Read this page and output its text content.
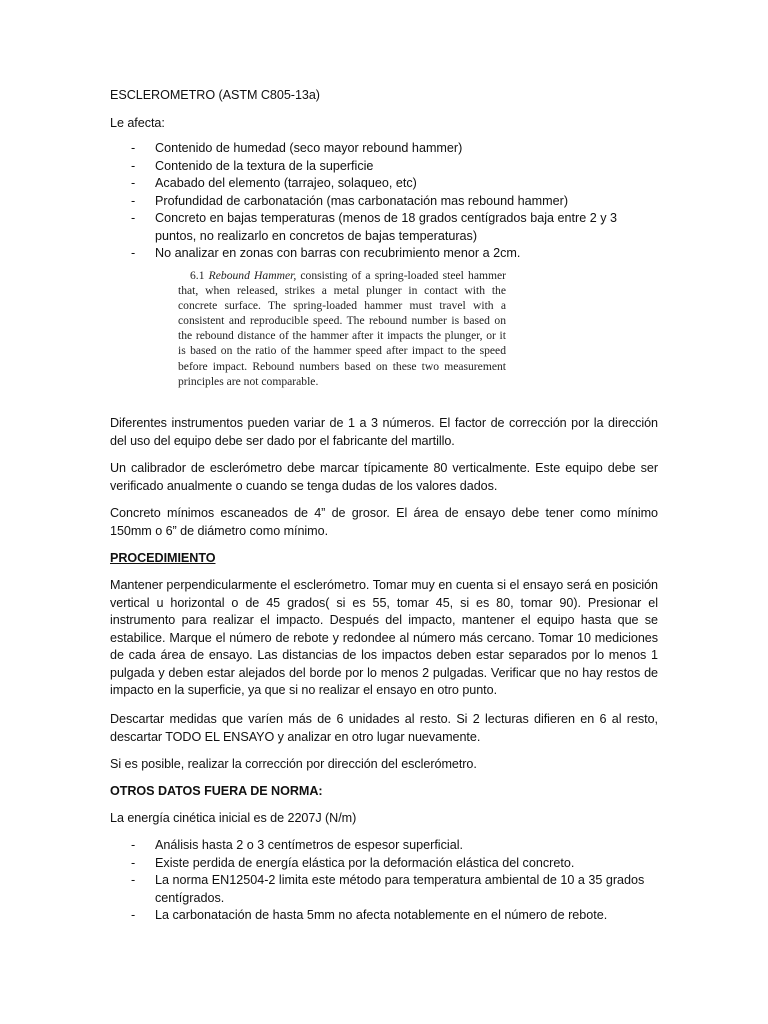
ESCLEROMETRO (ASTM C805-13a)

Le afecta:

- Contenido de humedad (seco mayor rebound hammer)
- Contenido de la textura de la superficie
- Acabado del elemento (tarrajeo, solaqueo, etc)
- Profundidad de carbonatación (mas carbonatación mas rebound hammer)
- Concreto en bajas temperaturas (menos de 18 grados centígrados baja entre 2 y 3 puntos, no realizarlo en concretos de bajas temperaturas)
- No analizar en zonas con barras con recubrimiento menor a 2cm.
6.1 Rebound Hammer, consisting of a spring-loaded steel hammer that, when released, strikes a metal plunger in contact with the concrete surface. The spring-loaded hammer must travel with a consistent and reproducible speed. The rebound number is based on the rebound distance of the hammer after it impacts the plunger, or it is based on the ratio of the hammer speed after impact to the speed before impact. Rebound numbers based on these two measurement principles are not comparable.

Diferentes instrumentos pueden variar de 1 a 3 números. El factor de corrección por la dirección del uso del equipo debe ser dado por el fabricante del martillo.

Un calibrador de esclerómetro debe marcar típicamente 80 verticalmente. Este equipo debe ser verificado anualmente o cuando se tenga dudas de los valores dados.

Concreto mínimos escaneados de 4” de grosor. El área de ensayo debe tener como mínimo 150mm o 6” de diámetro como mínimo.

PROCEDIMIENTO

Mantener perpendicularmente el esclerómetro. Tomar muy en cuenta si el ensayo será en posición vertical u horizontal o de 45 grados( si es 55, tomar 45, si es 80, tomar 90). Presionar el instrumento para realizar el impacto. Después del impacto, mantener el equipo hasta que se estabilice. Marque el número de rebote y redondee al número más cercano. Tomar 10 mediciones de cada área de ensayo. Las distancias de los impactos deben estar separados por lo menos 1 pulgada y deben estar alejados del borde por lo menos 2 pulgadas. Verificar que no hay restos de impacto en la superficie, ya que si no realizar el ensayo en otro punto.

Descartar medidas que varíen más de 6 unidades al resto. Si 2 lecturas difieren en 6 al resto, descartar TODO EL ENSAYO y analizar en otro lugar nuevamente.

Si es posible, realizar la corrección por dirección del esclerómetro.

OTROS DATOS FUERA DE NORMA:

La energía cinética inicial es de 2207J (N/m)

- Análisis hasta 2 o 3 centímetros de espesor superficial.
- Existe perdida de energía elástica por la deformación elástica del concreto.
- La norma EN12504-2 limita este método para temperatura ambiental de 10 a 35 grados centígrados.
- La carbonatación de hasta 5mm no afecta notablemente en el número de rebote.
